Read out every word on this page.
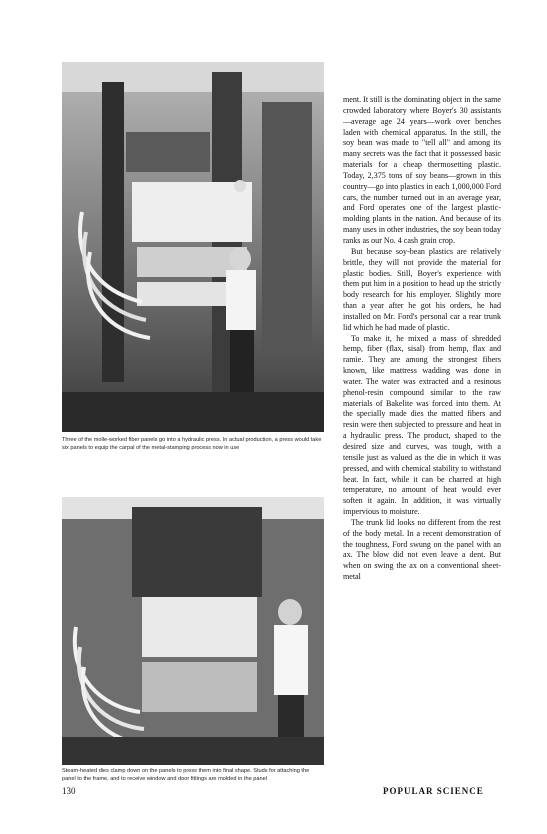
Three of the molle-worked fiber panels go into a hydraulic press. In actual production, a press would take six panels to equip the carpal of the metal-stamping process now in use

Steam-heated dies clamp down on the panels to press them into final shape. Studs for attaching the panel to the frame, and to receive window and door fittings are molded in the panel

ment. It still is the dominating object in the same crowded laboratory where Boyer's 30 assistants—average age 24 years—work over benches laden with chemical apparatus. In the still, the soy bean was made to "tell all" and among its many secrets was the fact that it possessed basic materials for a cheap thermosetting plastic. Today, 2,375 tons of soy beans—grown in this country—go into plastics in each 1,000,000 Ford cars, the number turned out in an average year, and Ford operates one of the largest plastic-molding plants in the nation. And because of its many uses in other industries, the soy bean today ranks as our No. 4 cash grain crop.

But because soy-bean plastics are relatively brittle, they will not provide the material for plastic bodies. Still, Boyer's experience with them put him in a position to head up the strictly body research for his employer. Slightly more than a year after he got his orders, he had installed on Mr. Ford's personal car a rear trunk lid which he had made of plastic.

To make it, he mixed a mass of shredded hemp, fiber (flax, sisal) from hemp, flax and ramie. They are among the strongest fibers known, like mattress wadding was done in water. The water was extracted and a resinous phenol-resin compound similar to the raw materials of Bakelite was forced into them. At the specially made dies the matted fibers and resin were then subjected to pressure and heat in a hydraulic press. The product, shaped to the desired size and curves, was tough, with a tensile just as valued as the die in which it was pressed, and with chemical stability to withstand heat. In fact, while it can be charred at high temperature, no amount of heat would ever soften it again. In addition, it was virtually impervious to moisture.

The trunk lid looks no different from the rest of the body metal. In a recent demonstration of the toughness, Ford swung on the panel with an ax. The blow did not even leave a dent. But when on swing the ax on a conventional sheet-metal

130	POPULAR SCIENCE
